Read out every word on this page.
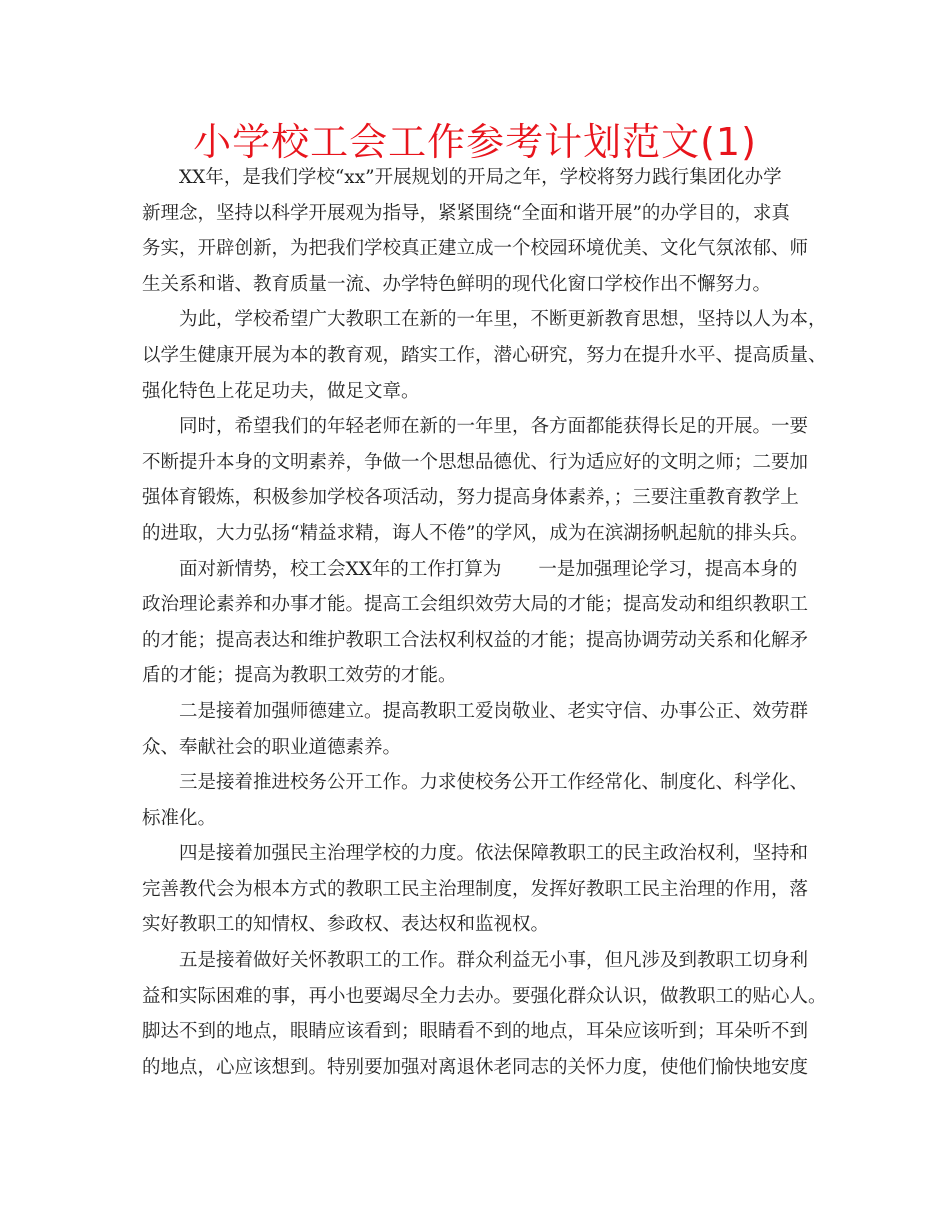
小学校工会工作参考计划范文(1)
　　XX年，是我们学校“xx”开展规划的开局之年，学校将努力践行集团化办学
新理念，坚持以科学开展观为指导，紧紧围绕“全面和谐开展”的办学目的，求真
务实，开辟创新，为把我们学校真正建立成一个校园环境优美、文化气氛浓郁、师
生关系和谐、教育质量一流、办学特色鲜明的现代化窗口学校作出不懈努力。
　　为此，学校希望广大教职工在新的一年里，不断更新教育思想，坚持以人为本，
以学生健康开展为本的教育观，踏实工作，潜心研究，努力在提升水平、提高质量、
强化特色上花足功夫，做足文章。
　　同时，希望我们的年轻老师在新的一年里，各方面都能获得长足的开展。一要
不断提升本身的文明素养，争做一个思想品德优、行为适应好的文明之师；二要加
强体育锻炼，积极参加学校各项活动，努力提高身体素养，；三要注重教育教学上
的进取，大力弘扬“精益求精，诲人不倦”的学风，成为在滨湖扬帆起航的排头兵。
　　面对新情势，校工会XX年的工作打算为　　一是加强理论学习，提高本身的
政治理论素养和办事才能。提高工会组织效劳大局的才能；提高发动和组织教职工
的才能；提高表达和维护教职工合法权利权益的才能；提高协调劳动关系和化解矛
盾的才能；提高为教职工效劳的才能。
　　二是接着加强师德建立。提高教职工爱岗敬业、老实守信、办事公正、效劳群
众、奉献社会的职业道德素养。
　　三是接着推进校务公开工作。力求使校务公开工作经常化、制度化、科学化、
标准化。
　　四是接着加强民主治理学校的力度。依法保障教职工的民主政治权利，坚持和
完善教代会为根本方式的教职工民主治理制度，发挥好教职工民主治理的作用，落
实好教职工的知情权、参政权、表达权和监视权。
　　五是接着做好关怀教职工的工作。群众利益无小事，但凡涉及到教职工切身利
益和实际困难的事，再小也要竭尽全力去办。要强化群众认识，做教职工的贴心人。
脚达不到的地点，眼睛应该看到；眼睛看不到的地点，耳朵应该听到；耳朵听不到
的地点，心应该想到。特别要加强对离退休老同志的关怀力度，使他们愉快地安度
